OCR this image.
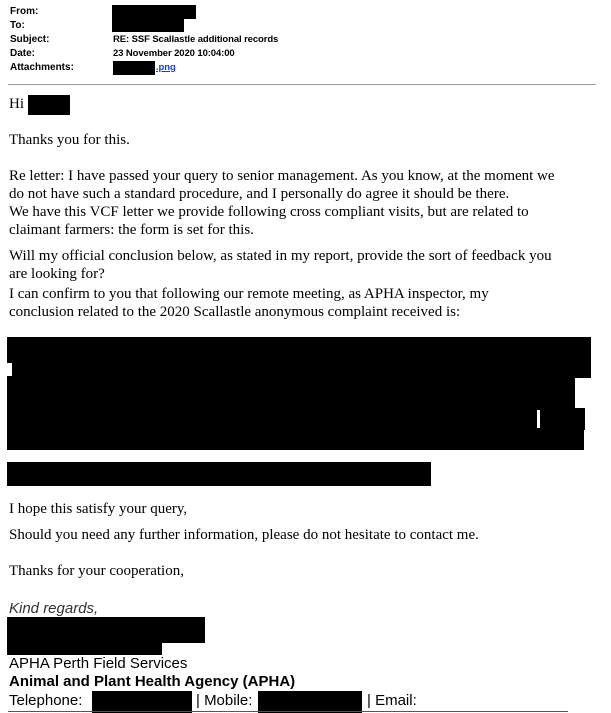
From:
To:
Subject:	RE: SSF Scallastle additional records
Date:	23 November 2020 10:04:00
Attachments:	.png
Hi
Thanks you for this.
Re letter: I have passed your query to senior management. As you know, at the moment we
do not have such a standard procedure, and I personally do agree it should be there.
We have this VCF letter we provide following cross compliant visits, but are related to
claimant farmers: the form is set for this.
Will my official conclusion below, as stated in my report, provide the sort of feedback you
are looking for?
I can confirm to you that following our remote meeting, as APHA inspector, my
conclusion related to the 2020 Scallastle anonymous complaint received is:
I hope this satisfy your query,
Should you need any further information, please do not hesitate to contact me.
Thanks for your cooperation,
Kind regards,
APHA Perth Field Services
Animal and Plant Health Agency (APHA)
Telephone:	| Mobile:	| Email:
